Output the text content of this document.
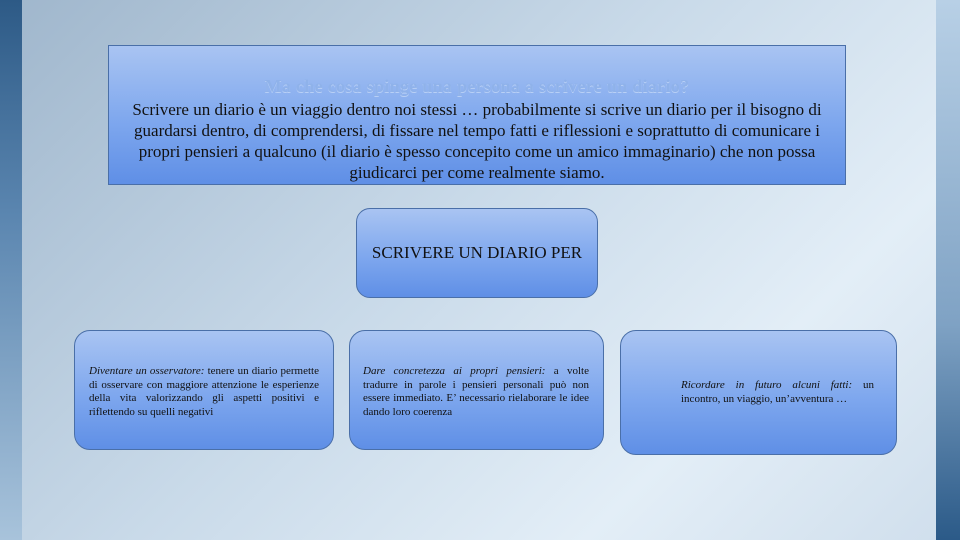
Ma che cosa spinge una persona a scrivere un diario?
Scrivere un diario è un viaggio dentro noi stessi … probabilmente si scrive un diario per il bisogno di guardarsi dentro, di comprendersi, di fissare nel tempo fatti e riflessioni e soprattutto di comunicare i propri pensieri a qualcuno (il diario è spesso concepito come un amico immaginario) che non possa giudicarci per come realmente siamo.
SCRIVERE UN DIARIO PER
Diventare un osservatore: tenere un diario permette di osservare con maggiore attenzione le esperienze della vita valorizzando gli aspetti positivi e riflettendo su quelli negativi
Dare concretezza ai propri pensieri: a volte tradurre in parole i pensieri personali può non essere immediato. E’ necessario rielaborare le idee dando loro coerenza
Ricordare in futuro alcuni fatti: un incontro, un viaggio, un’avventura …
